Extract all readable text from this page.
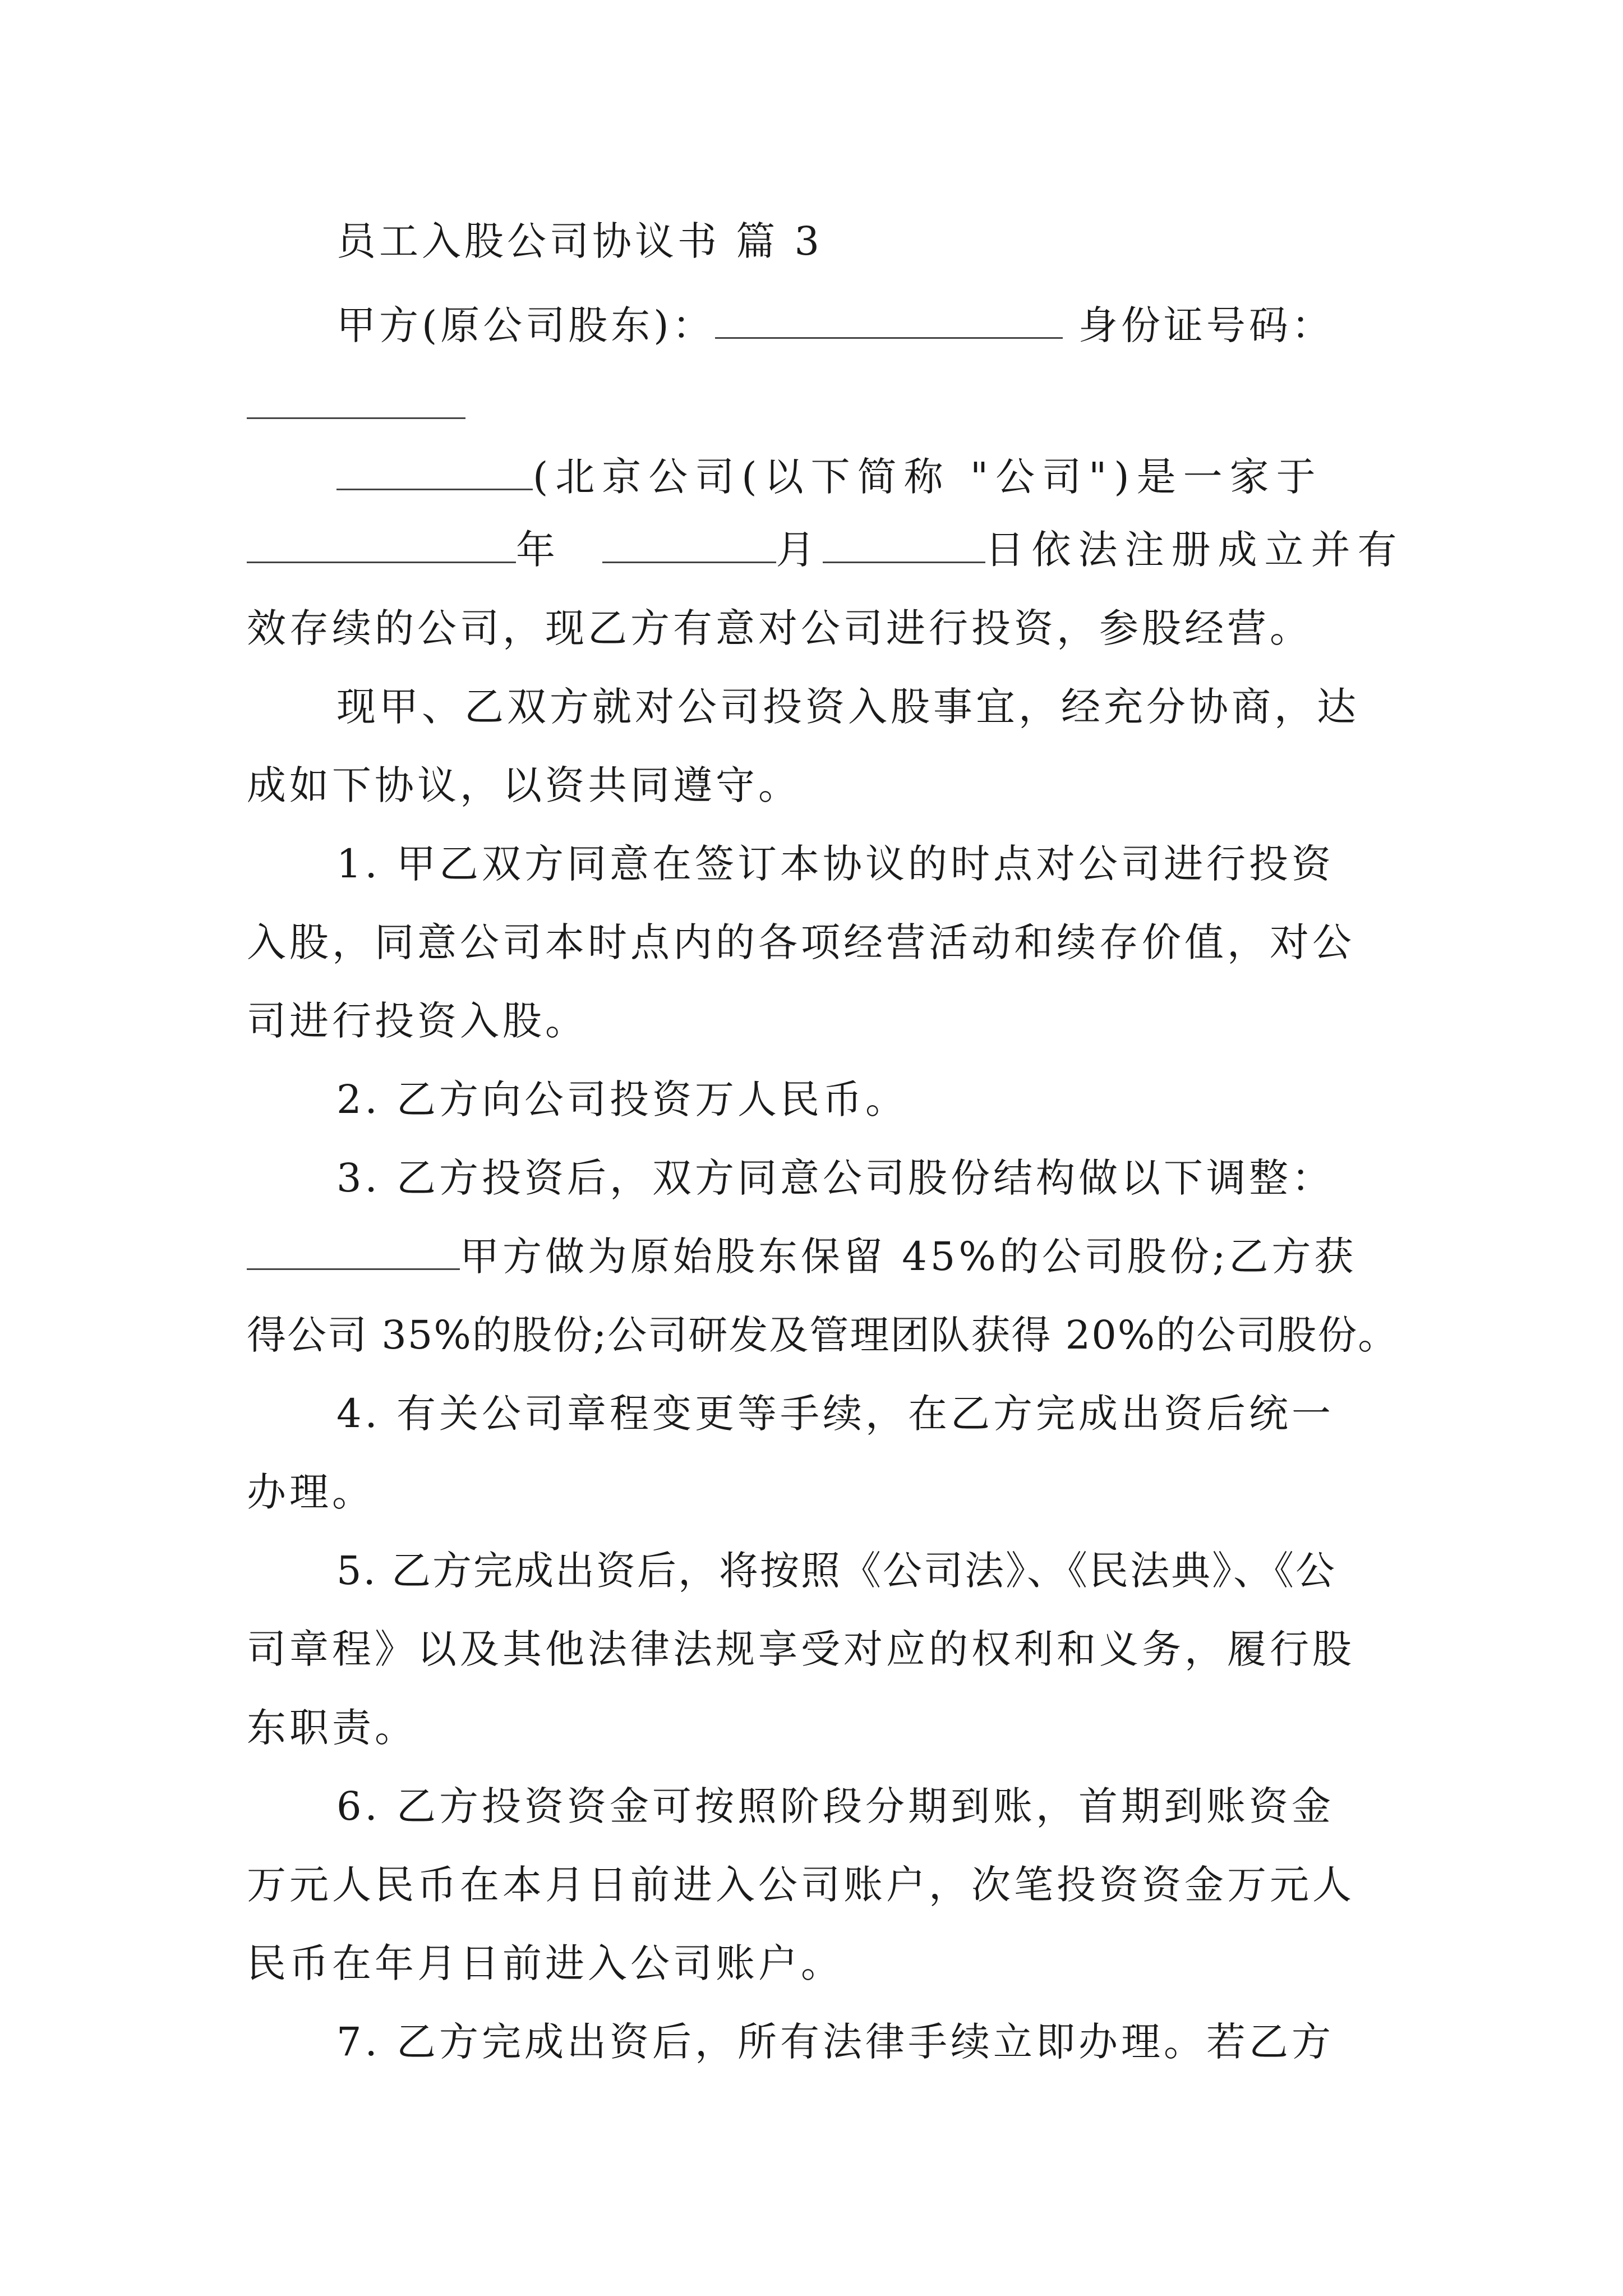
员工入股公司协议书 篇 3
甲方(原公司股东)：	身份证号码：
(北京公司(以下简称 "公司")是一家于
年	月	日依法注册成立并有
效存续的公司，现乙方有意对公司进行投资，参股经营。
现甲、乙双方就对公司投资入股事宜，经充分协商，达
成如下协议，以资共同遵守。
1. 甲乙双方同意在签订本协议的时点对公司进行投资
入股，同意公司本时点内的各项经营活动和续存价值，对公
司进行投资入股。
2. 乙方向公司投资万人民币。
3. 乙方投资后，双方同意公司股份结构做以下调整：
甲方做为原始股东保留 45%的公司股份;乙方获
得公司 35%的股份;公司研发及管理团队获得 20%的公司股份。
4. 有关公司章程变更等手续，在乙方完成出资后统一
办理。
5. 乙方完成出资后，将按照《公司法》、《民法典》、《公
司章程》以及其他法律法规享受对应的权利和义务，履行股
东职责。
6. 乙方投资资金可按照阶段分期到账，首期到账资金
万元人民币在本月日前进入公司账户，次笔投资资金万元人
民币在年月日前进入公司账户。
7. 乙方完成出资后，所有法律手续立即办理。若乙方
